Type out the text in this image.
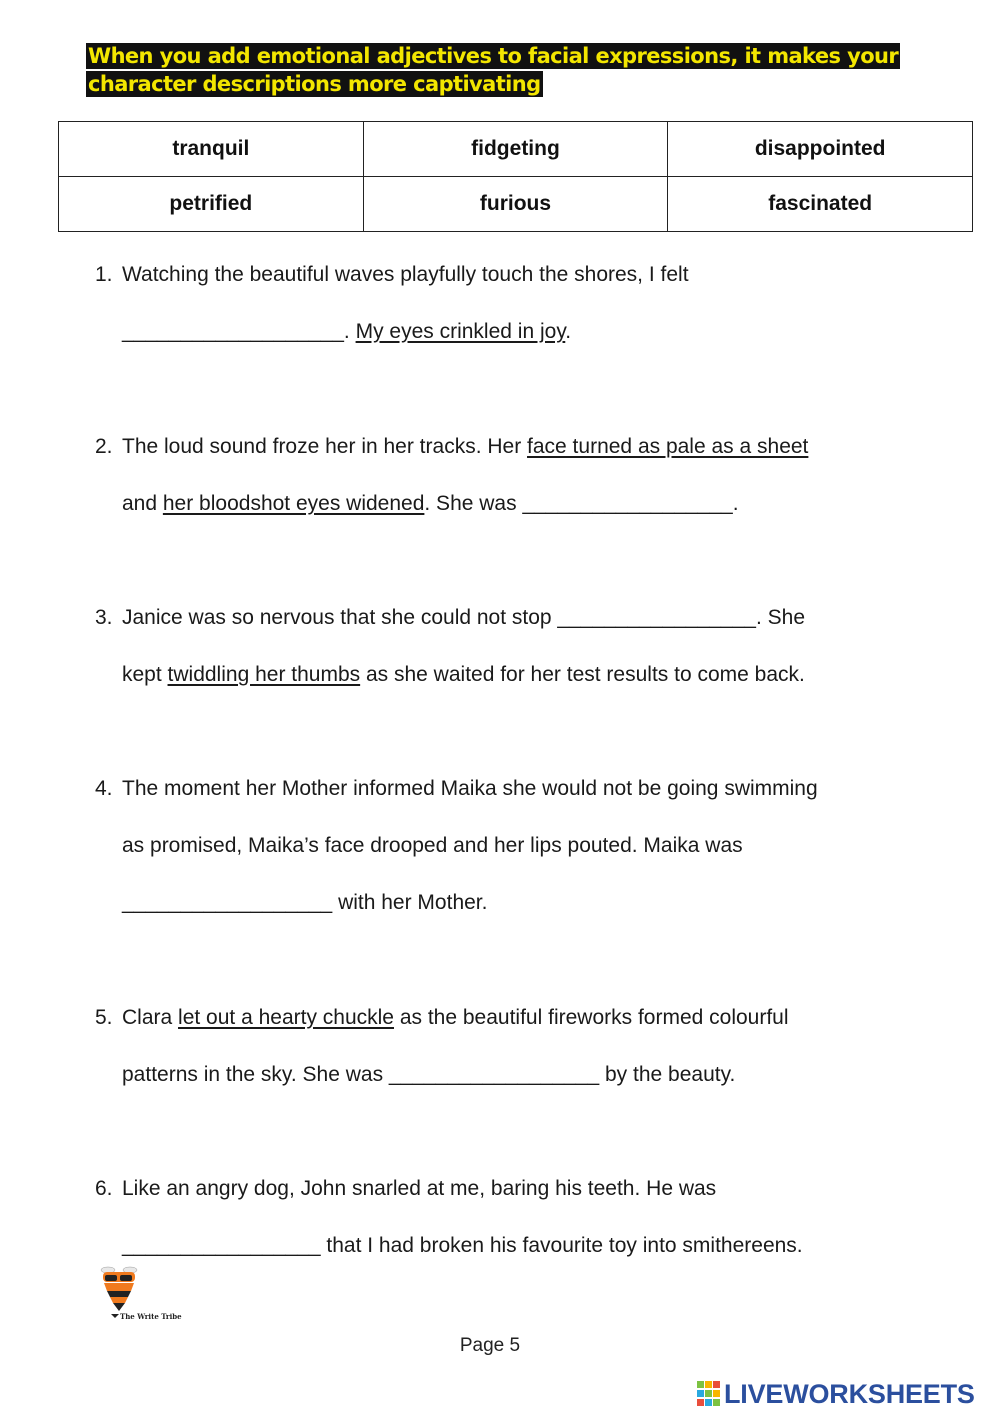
When you add emotional adjectives to facial expressions, it makes your character descriptions more captivating
tranquil	fidgeting	disappointed
petrified	furious	fascinated
1. Watching the beautiful waves playfully touch the shores, I felt
___________________. My eyes crinkled in joy.
2. The loud sound froze her in her tracks. Her face turned as pale as a sheet
and her bloodshot eyes widened. She was __________________.
3. Janice was so nervous that she could not stop _________________. She
kept twiddling her thumbs as she waited for her test results to come back.
4. The moment her Mother informed Maika she would not be going swimming
as promised, Maika’s face drooped and her lips pouted. Maika was
__________________ with her Mother.
5. Clara let out a hearty chuckle as the beautiful fireworks formed colourful
patterns in the sky. She was __________________ by the beauty.
6. Like an angry dog, John snarled at me, baring his teeth. He was
_________________ that I had broken his favourite toy into smithereens.
The Write Tribe
Page 5
LIVEWORKSHEETS
